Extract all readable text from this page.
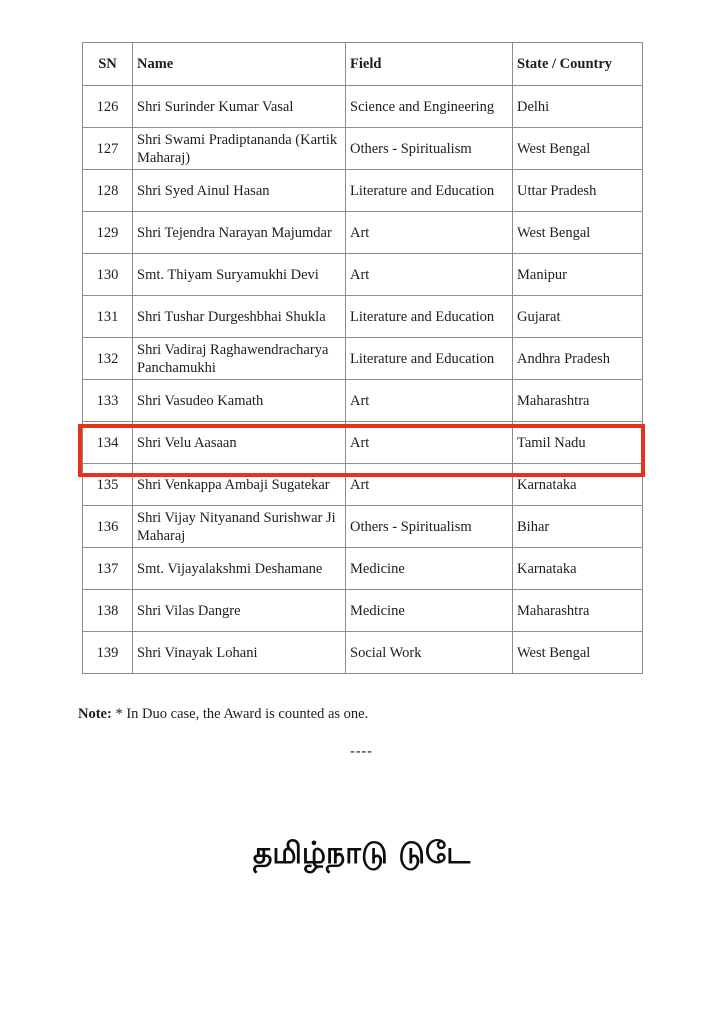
SN	Name	Field	State / Country
126	Shri Surinder Kumar Vasal	Science and Engineering	Delhi
127	Shri Swami Pradiptananda (Kartik Maharaj)	Others - Spiritualism	West Bengal
128	Shri Syed Ainul Hasan	Literature and Education	Uttar Pradesh
129	Shri Tejendra Narayan Majumdar	Art	West Bengal
130	Smt. Thiyam Suryamukhi Devi	Art	Manipur
131	Shri Tushar Durgeshbhai Shukla	Literature and Education	Gujarat
132	Shri Vadiraj Raghawendracharya Panchamukhi	Literature and Education	Andhra Pradesh
133	Shri Vasudeo Kamath	Art	Maharashtra
134	Shri Velu Aasaan	Art	Tamil Nadu
135	Shri Venkappa Ambaji Sugatekar	Art	Karnataka
136	Shri Vijay Nityanand Surishwar Ji Maharaj	Others - Spiritualism	Bihar
137	Smt. Vijayalakshmi Deshamane	Medicine	Karnataka
138	Shri Vilas Dangre	Medicine	Maharashtra
139	Shri Vinayak Lohani	Social Work	West Bengal

Note: * In Duo case, the Award is counted as one.

----
தமிழ்நாடு டுடே
